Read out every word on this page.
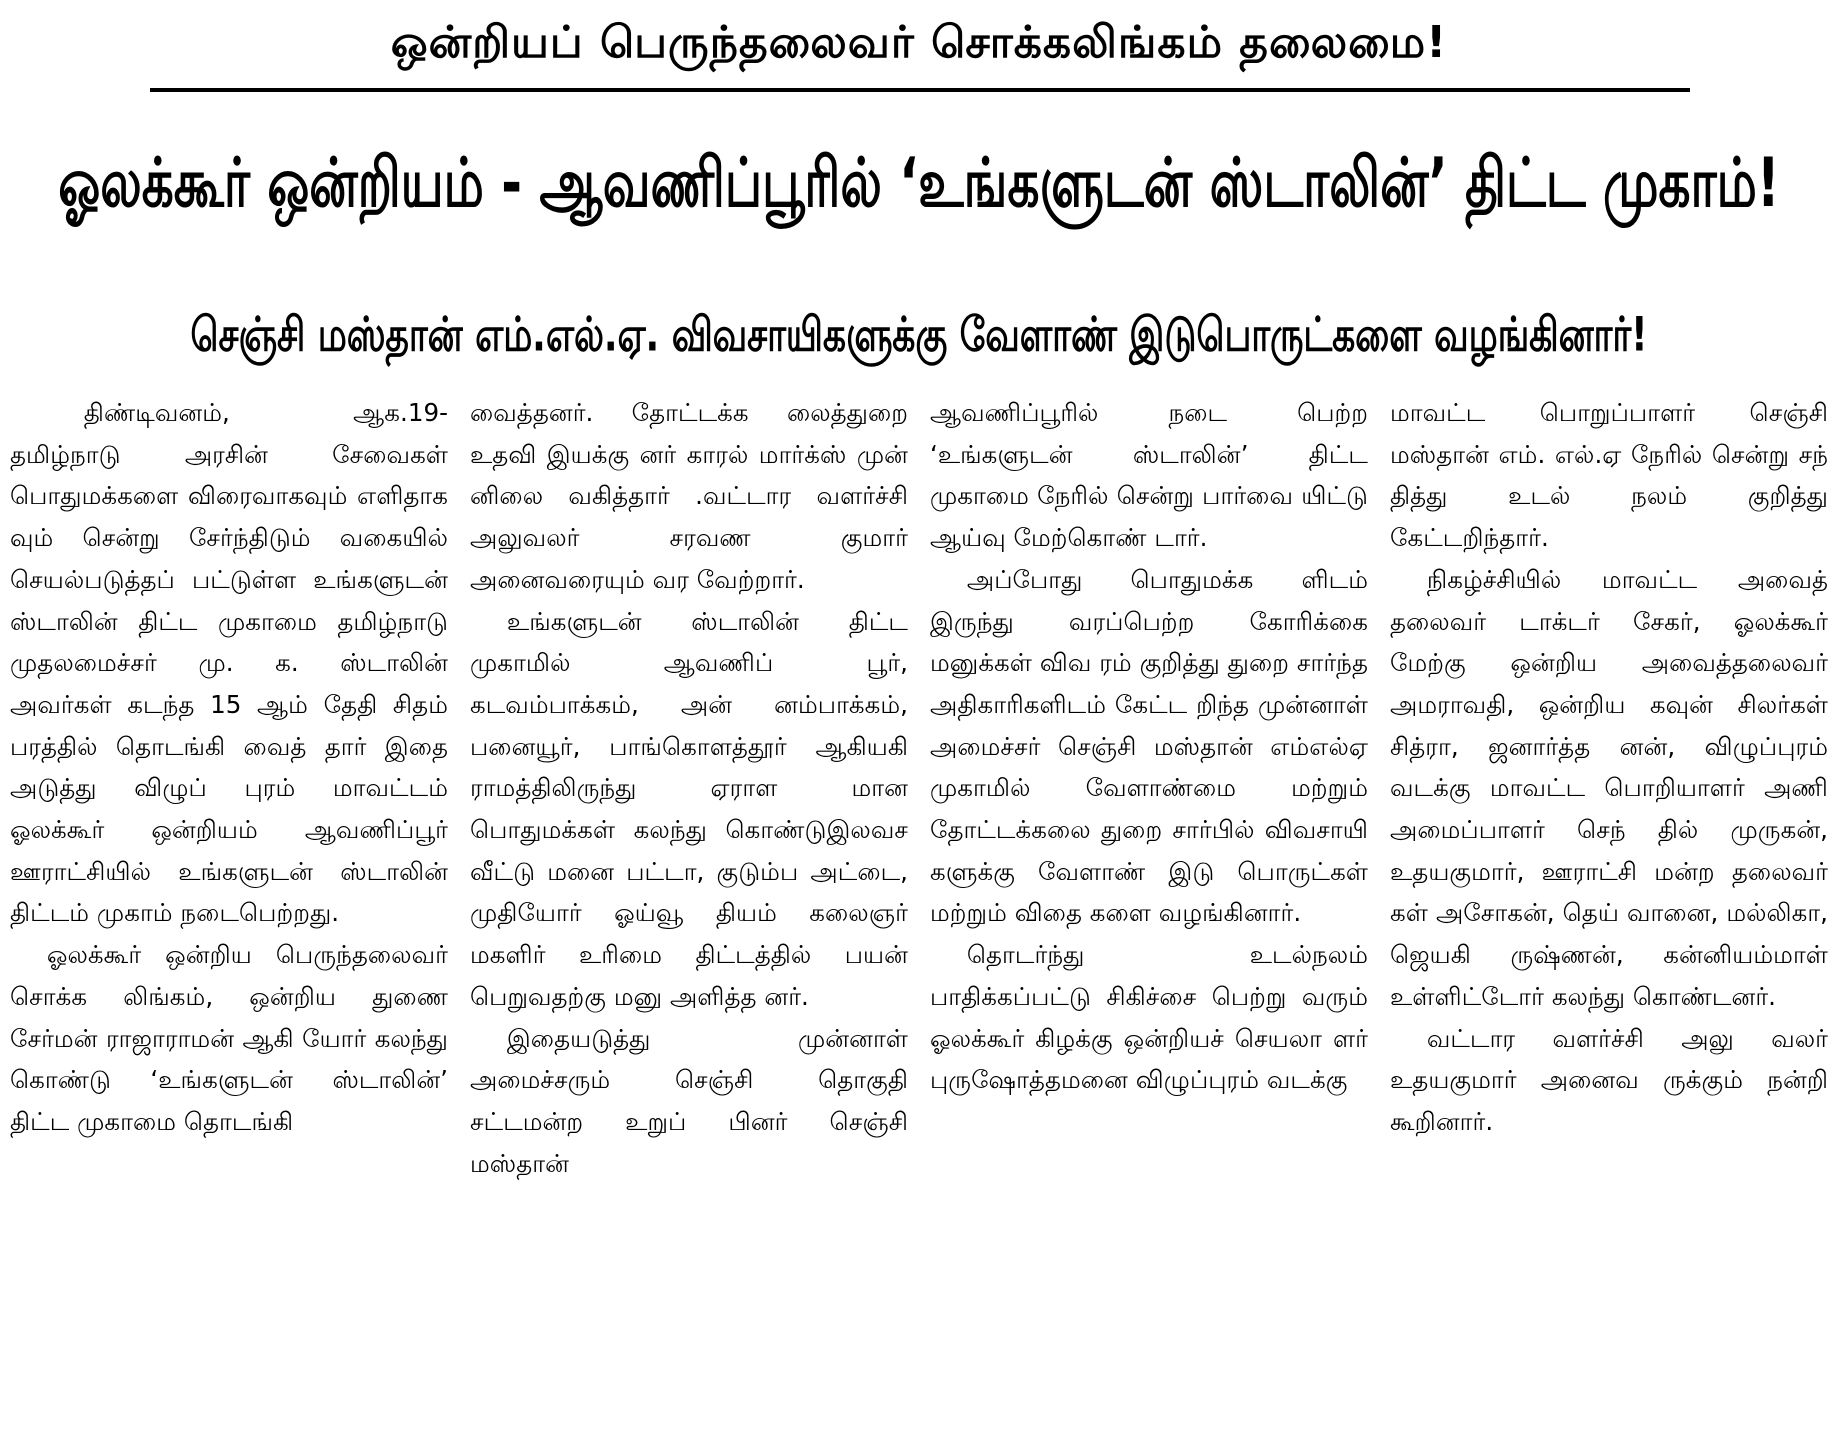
ஒன்றியப் பெருந்தலைவர் சொக்கலிங்கம் தலைமை!
ஓலக்கூர் ஒன்றியம் - ஆவணிப்பூரில் ‘உங்களுடன் ஸ்டாலின்’ திட்ட முகாம்!
செஞ்சி மஸ்தான் எம்.எல்.ஏ. விவசாயிகளுக்கு வேளாண் இடுபொருட்களை வழங்கினார்!

திண்டிவனம், ஆக.19- தமிழ்நாடு அரசின் சேவைகள் பொதுமக்களை விரைவாகவும் எளிதாக வும் சென்று சேர்ந்திடும் வகையில் செயல்படுத்தப் பட்டுள்ள உங்களுடன் ஸ்டாலின் திட்ட முகாமை தமிழ்நாடு முதலமைச்சர் மு. க. ஸ்டாலின் அவர்கள் கடந்த 15 ஆம் தேதி சிதம் பரத்தில் தொடங்கி வைத் தார் இதை அடுத்து விழுப் புரம் மாவட்டம் ஓலக்கூர் ஒன்றியம் ஆவணிப்பூர் ஊராட்சியில் உங்களுடன் ஸ்டாலின் திட்டம் முகாம் நடைபெற்றது.

ஓலக்கூர் ஒன்றிய பெருந்தலைவர் சொக்க லிங்கம், ஒன்றிய துணை சேர்மன் ராஜாராமன் ஆகி யோர் கலந்து கொண்டு ‘உங்களுடன் ஸ்டாலின்’ திட்ட முகாமை தொடங்கி

வைத்தனர். தோட்டக்க லைத்துறை உதவி இயக்கு னர் காரல் மார்க்ஸ் முன் னிலை வகித்தார் .வட்டார வளர்ச்சி அலுவலர் சரவண குமார் அனைவரையும் வர வேற்றார்.

உங்களுடன் ஸ்டாலின் திட்ட முகாமில் ஆவணிப் பூர், கடவம்பாக்கம், அன் னம்பாக்கம், பனையூர், பாங்கொளத்தூர் ஆகியகி ராமத்திலிருந்து ஏராள மான பொதுமக்கள் கலந்து கொண்டுஇலவச வீட்டு மனை பட்டா, குடும்ப அட்டை, முதியோர் ஓய்வூ தியம் கலைஞர் மகளிர் உரிமை திட்டத்தில் பயன் பெறுவதற்கு மனு அளித்த னர்.

இதையடுத்து முன்னாள் அமைச்சரும் செஞ்சி தொகுதி சட்டமன்ற உறுப் பினர் செஞ்சி மஸ்தான்

ஆவணிப்பூரில் நடை பெற்ற ‘உங்களுடன் ஸ்டாலின்’ திட்ட முகாமை நேரில் சென்று பார்வை யிட்டு ஆய்வு மேற்கொண் டார்.

அப்போது பொதுமக்க ளிடம் இருந்து வரப்பெற்ற கோரிக்கை மனுக்கள் விவ ரம் குறித்து துறை சார்ந்த அதிகாரிகளிடம் கேட்ட றிந்த முன்னாள் அமைச்சர் செஞ்சி மஸ்தான் எம்எல்ஏ முகாமில் வேளாண்மை மற்றும் தோட்டக்கலை துறை சார்பில் விவசாயி களுக்கு வேளாண் இடு பொருட்கள் மற்றும் விதை களை வழங்கினார்.

தொடர்ந்து உடல்நலம் பாதிக்கப்பட்டு சிகிச்சை பெற்று வரும் ஓலக்கூர் கிழக்கு ஒன்றியச் செயலா ளர் புருஷோத்தமனை விழுப்புரம் வடக்கு

மாவட்ட பொறுப்பாளர் செஞ்சி மஸ்தான் எம். எல்.ஏ நேரில் சென்று சந் தித்து உடல் நலம் குறித்து கேட்டறிந்தார்.

நிகழ்ச்சியில் மாவட்ட அவைத் தலைவர் டாக்டர் சேகர், ஓலக்கூர் மேற்கு ஒன்றிய அவைத்தலைவர் அமராவதி, ஒன்றிய கவுன் சிலர்கள் சித்ரா, ஜனார்த்த னன், விழுப்புரம் வடக்கு மாவட்ட பொறியாளர் அணி அமைப்பாளர் செந் தில் முருகன், உதயகுமார், ஊராட்சி மன்ற தலைவர் கள் அசோகன், தெய் வானை, மல்லிகா, ஜெயகி ருஷ்ணன், கன்னியம்மாள் உள்ளிட்டோர் கலந்து கொண்டனர்.

வட்டார வளர்ச்சி அலு வலர் உதயகுமார் அனைவ ருக்கும் நன்றி கூறினார்.
